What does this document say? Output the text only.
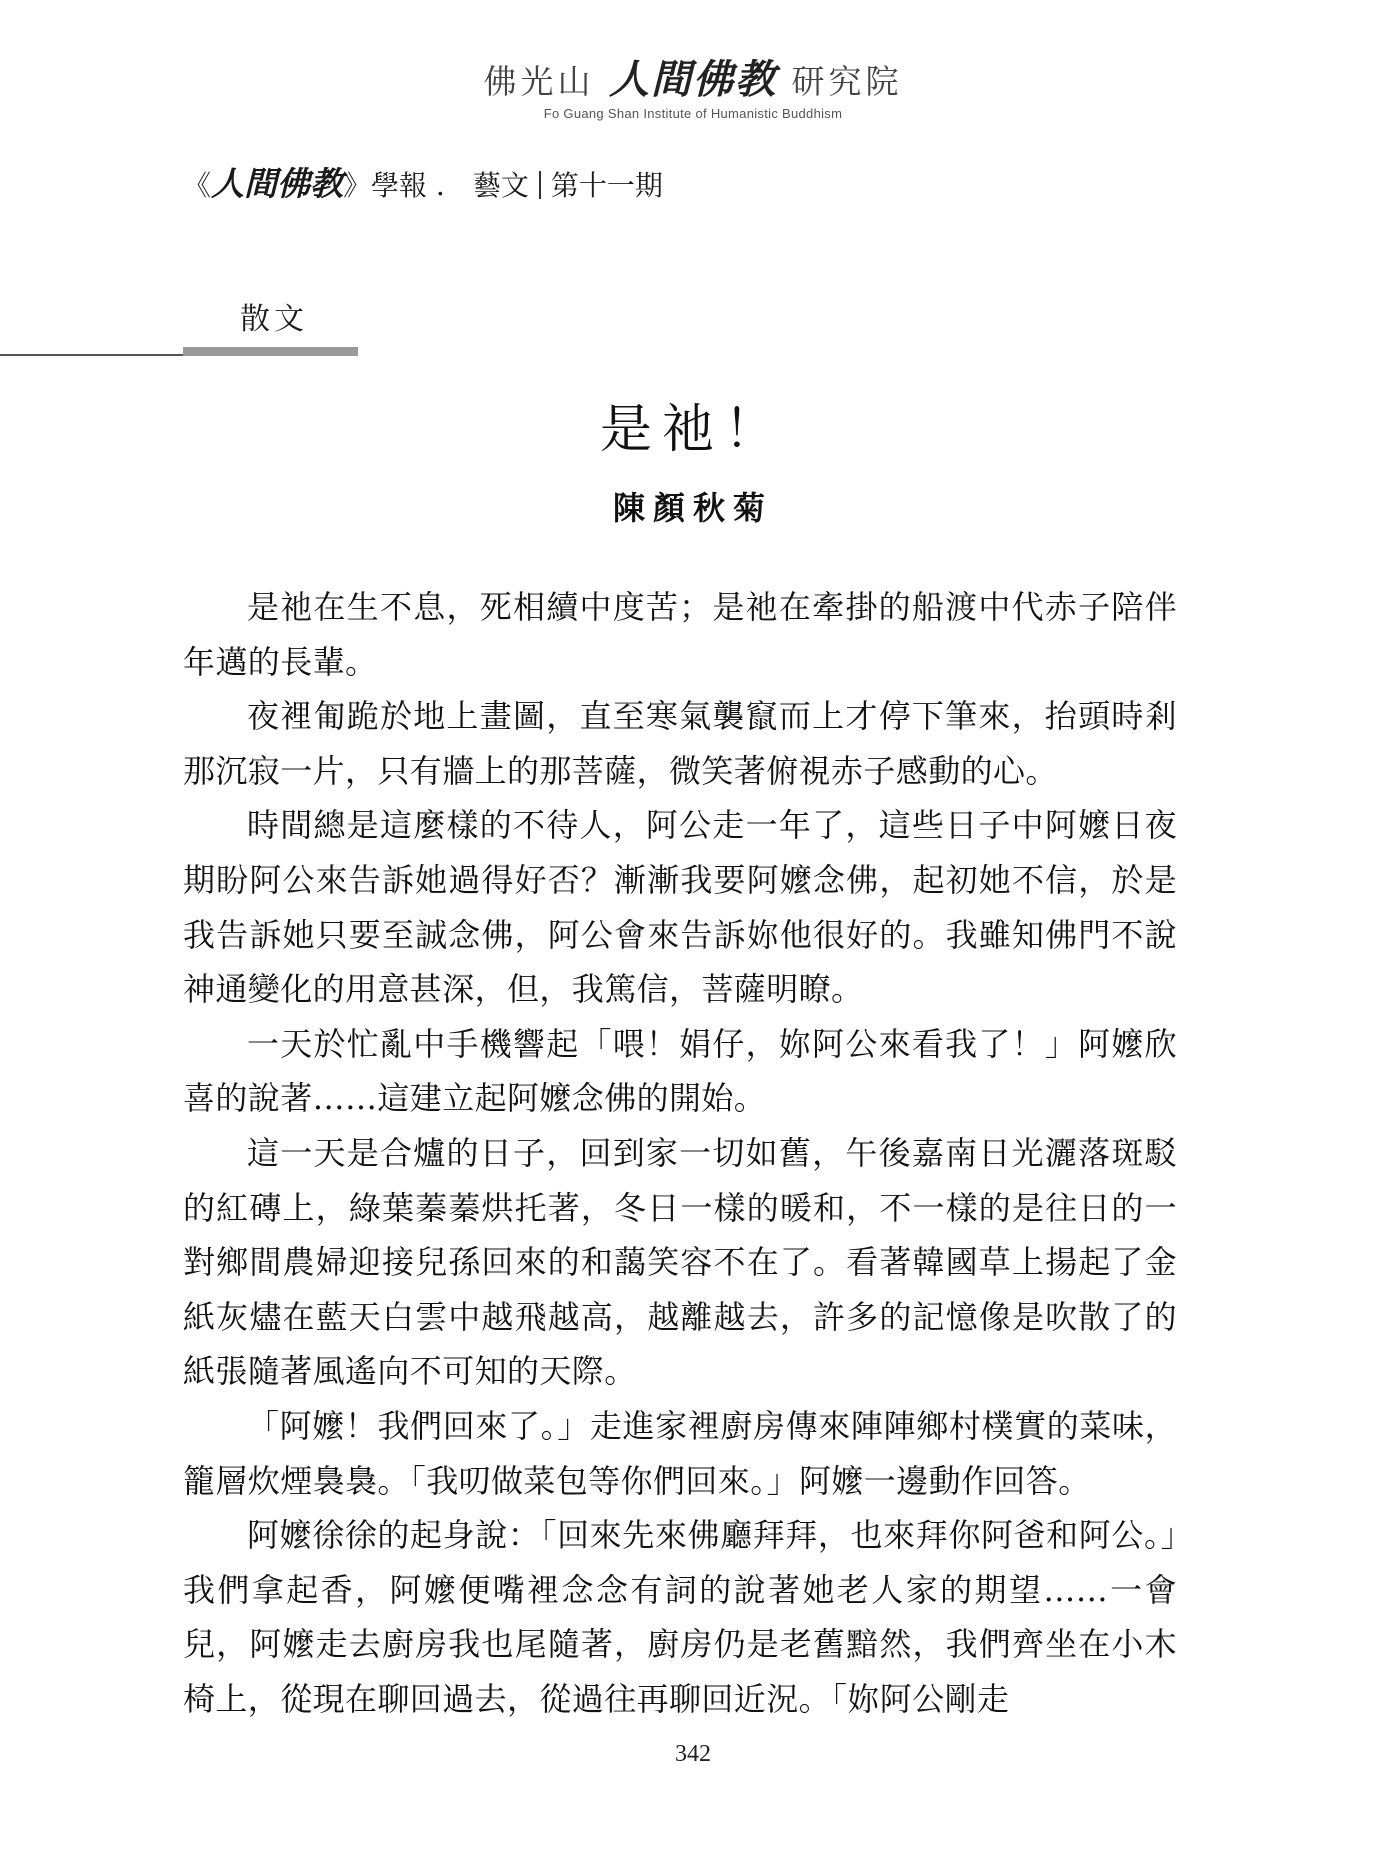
佛光山 人間佛教 研究院
Fo Guang Shan Institute of Humanistic Buddhism
《人間佛教》學報 ． 藝文 第十一期
散文
是祂！
陳顏秋菊

是祂在生不息，死相續中度苦；是祂在牽掛的船渡中代赤子陪伴年邁的長輩。

夜裡匍跪於地上畫圖，直至寒氣襲竄而上才停下筆來，抬頭時剎那沉寂一片，只有牆上的那菩薩，微笑著俯視赤子感動的心。

時間總是這麼樣的不待人，阿公走一年了，這些日子中阿嬤日夜期盼阿公來告訴她過得好否？漸漸我要阿嬤念佛，起初她不信，於是我告訴她只要至誠念佛，阿公會來告訴妳他很好的。我雖知佛門不說神通變化的用意甚深，但，我篤信，菩薩明瞭。

一天於忙亂中手機響起「喂！娟仔，妳阿公來看我了！」阿嬤欣喜的說著……這建立起阿嬤念佛的開始。

這一天是合爐的日子，回到家一切如舊，午後嘉南日光灑落斑駁的紅磚上，綠葉蓁蓁烘托著，冬日一樣的暖和，不一樣的是往日的一對鄉間農婦迎接兒孫回來的和藹笑容不在了。看著韓國草上揚起了金紙灰燼在藍天白雲中越飛越高，越離越去，許多的記憶像是吹散了的紙張隨著風遙向不可知的天際。

「阿嬤！我們回來了。」走進家裡廚房傳來陣陣鄉村樸實的菜味，籠層炊煙裊裊。「我叨做菜包等你們回來。」阿嬤一邊動作回答。

阿嬤徐徐的起身說：「回來先來佛廳拜拜，也來拜你阿爸和阿公。」我們拿起香，阿嬤便嘴裡念念有詞的說著她老人家的期望……一會兒，阿嬤走去廚房我也尾隨著，廚房仍是老舊黯然，我們齊坐在小木椅上，從現在聊回過去，從過往再聊回近況。「妳阿公剛走

342
